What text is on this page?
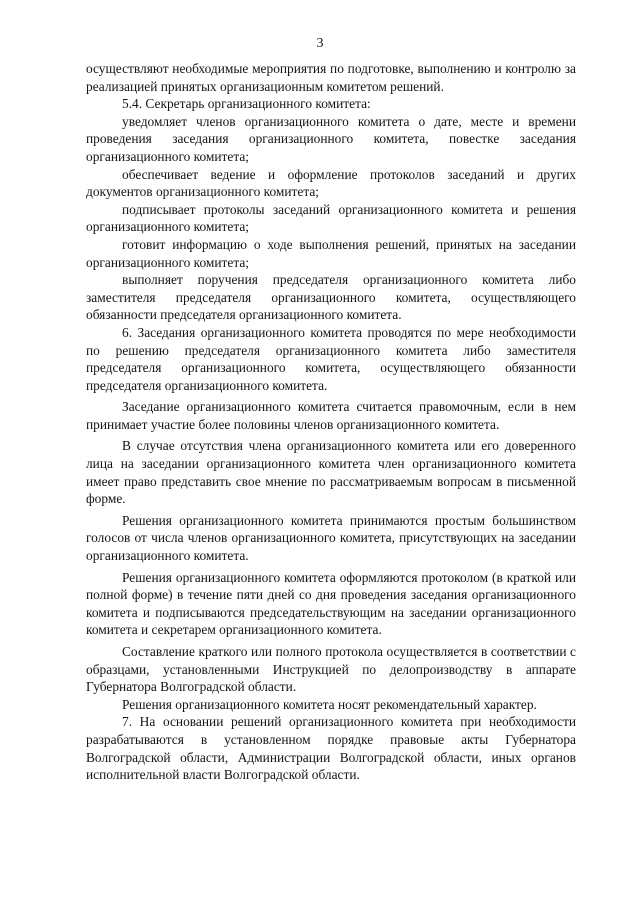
3

осуществляют необходимые мероприятия по подготовке, выполнению и контролю за реализацией принятых организационным комитетом решений.

5.4. Секретарь организационного комитета:

уведомляет членов организационного комитета о дате, месте и времени проведения заседания организационного комитета, повестке заседания организационного комитета;

обеспечивает ведение и оформление протоколов заседаний и других документов организационного комитета;

подписывает протоколы заседаний организационного комитета и решения организационного комитета;

готовит информацию о ходе выполнения решений, принятых на заседании организационного комитета;

выполняет поручения председателя организационного комитета либо заместителя председателя организационного комитета, осуществляющего обязанности председателя организационного комитета.

6. Заседания организационного комитета проводятся по мере необходимости по решению председателя организационного комитета либо заместителя председателя организационного комитета, осуществляющего обязанности председателя организационного комитета.

Заседание организационного комитета считается правомочным, если в нем принимает участие более половины членов организационного комитета.

В случае отсутствия члена организационного комитета или его доверенного лица на заседании организационного комитета член организационного комитета имеет право представить свое мнение по рассматриваемым вопросам в письменной форме.

Решения организационного комитета принимаются простым большинством голосов от числа членов организационного комитета, присутствующих на заседании организационного комитета.

Решения организационного комитета оформляются протоколом (в краткой или полной форме) в течение пяти дней со дня проведения заседания организационного комитета и подписываются председательствующим на заседании организационного комитета и секретарем организационного комитета.

Составление краткого или полного протокола осуществляется в соответствии с образцами, установленными Инструкцией по делопроизводству в аппарате Губернатора Волгоградской области.

Решения организационного комитета носят рекомендательный характер.

7. На основании решений организационного комитета при необходимости разрабатываются в установленном порядке правовые акты Губернатора Волгоградской области, Администрации Волгоградской области, иных органов исполнительной власти Волгоградской области.
